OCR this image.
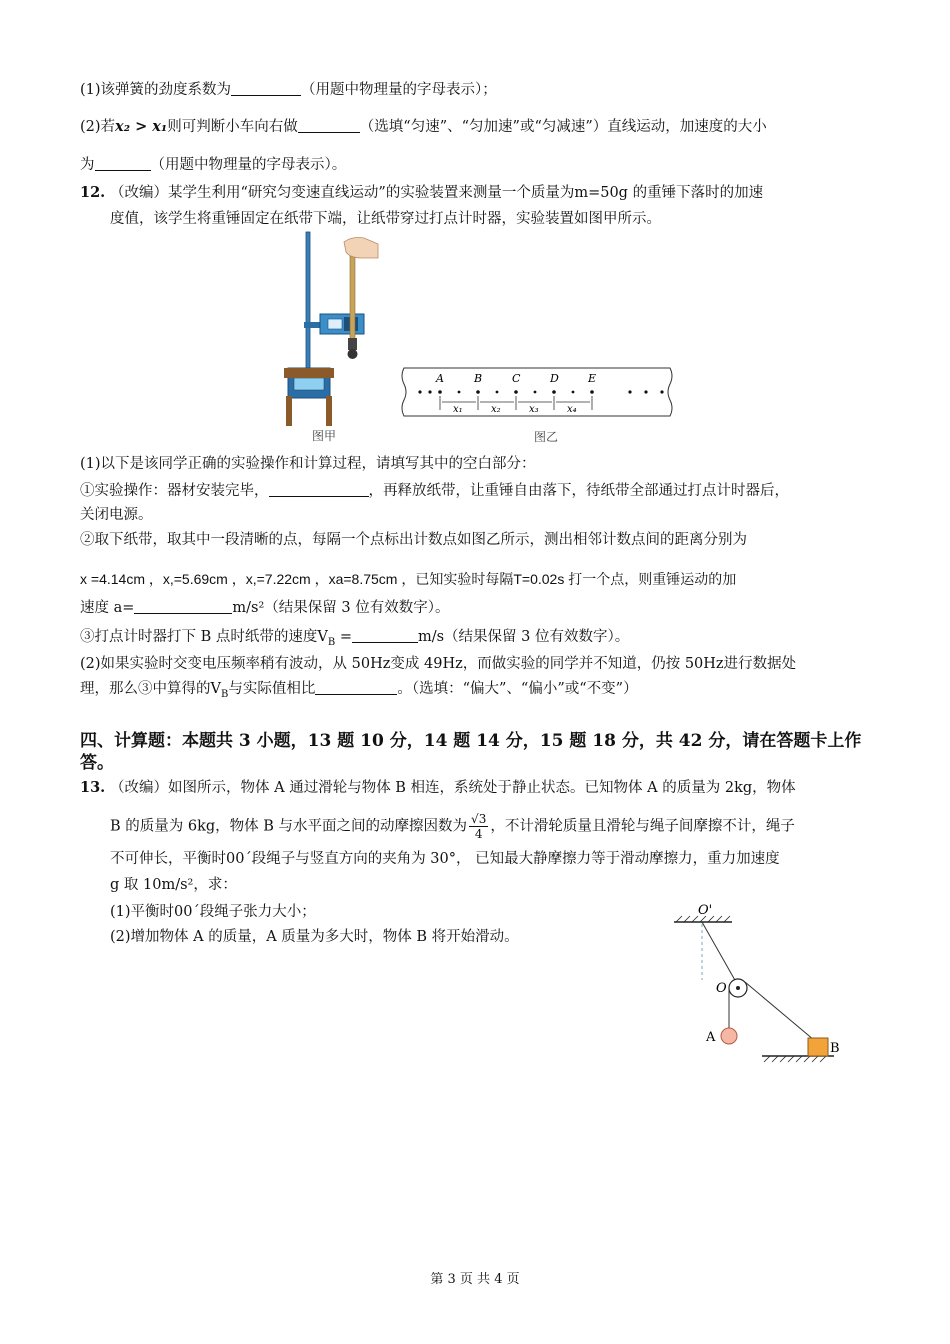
(1)该弹簧的劲度系数为	（用题中物理量的字母表示）；
(2)若x₂ > x₁则可判断小车向右做	（选填“匀速”、“匀加速”或“匀减速”）直线运动，加速度的大小
为	（用题中物理量的字母表示）。
12. （改编）某学生利用“研究匀变速直线运动”的实验装置来测量一个质量为m=50g 的重锤下落时的加速
度值，该学生将重锤固定在纸带下端，让纸带穿过打点计时器，实验装置如图甲所示。
图甲
A	B	C	D	E
x₁	x₂	x₃	x₄
图乙
(1)以下是该同学正确的实验操作和计算过程，请填写其中的空白部分：
①实验操作：器材安装完毕，	，再释放纸带，让重锤自由落下，待纸带全部通过打点计时器后，
关闭电源。
②取下纸带，取其中一段清晰的点，每隔一个点标出计数点如图乙所示，测出相邻计数点间的距离分别为
x =4.14cm ，x,=5.69cm ，x,=7.22cm ，xa=8.75cm ，已知实验时每隔T=0.02s 打一个点，则重锤运动的加
速度 a=	m/s²（结果保留 3 位有效数字）。
③打点计时器打下 B 点时纸带的速度$V_B$ =	m/s（结果保留 3 位有效数字）。
(2)如果实验时交变电压频率稍有波动，从 50Hz变成 49Hz，而做实验的同学并不知道，仍按 50Hz进行数据处
理，那么③中算得的$V_B$与实际值相比	。（选填：“偏大”、“偏小”或“不变”）
四、计算题：本题共 3 小题，13 题 10 分，14 题 14 分，15 题 18 分，共 42 分，请在答题卡上作
答。
13. （改编）如图所示，物体 A 通过滑轮与物体 B 相连，系统处于静止状态。已知物体 A 的质量为 2kg，物体
B 的质量为 6kg，物体 B 与水平面之间的动摩擦因数为 $\frac{√3}{4}$ ，不计滑轮质量且滑轮与绳子间摩擦不计，绳子
不可伸长，平衡时00ˊ段绳子与竖直方向的夹角为 30°， 已知最大静摩擦力等于滑动摩擦力，重力加速度
g 取 10m/s²，求：
(1)平衡时00ˊ段绳子张力大小；
(2)增加物体 A 的质量，A 质量为多大时，物体 B 将开始滑动。
O'
O
A
B
第 3 页 共 4 页
